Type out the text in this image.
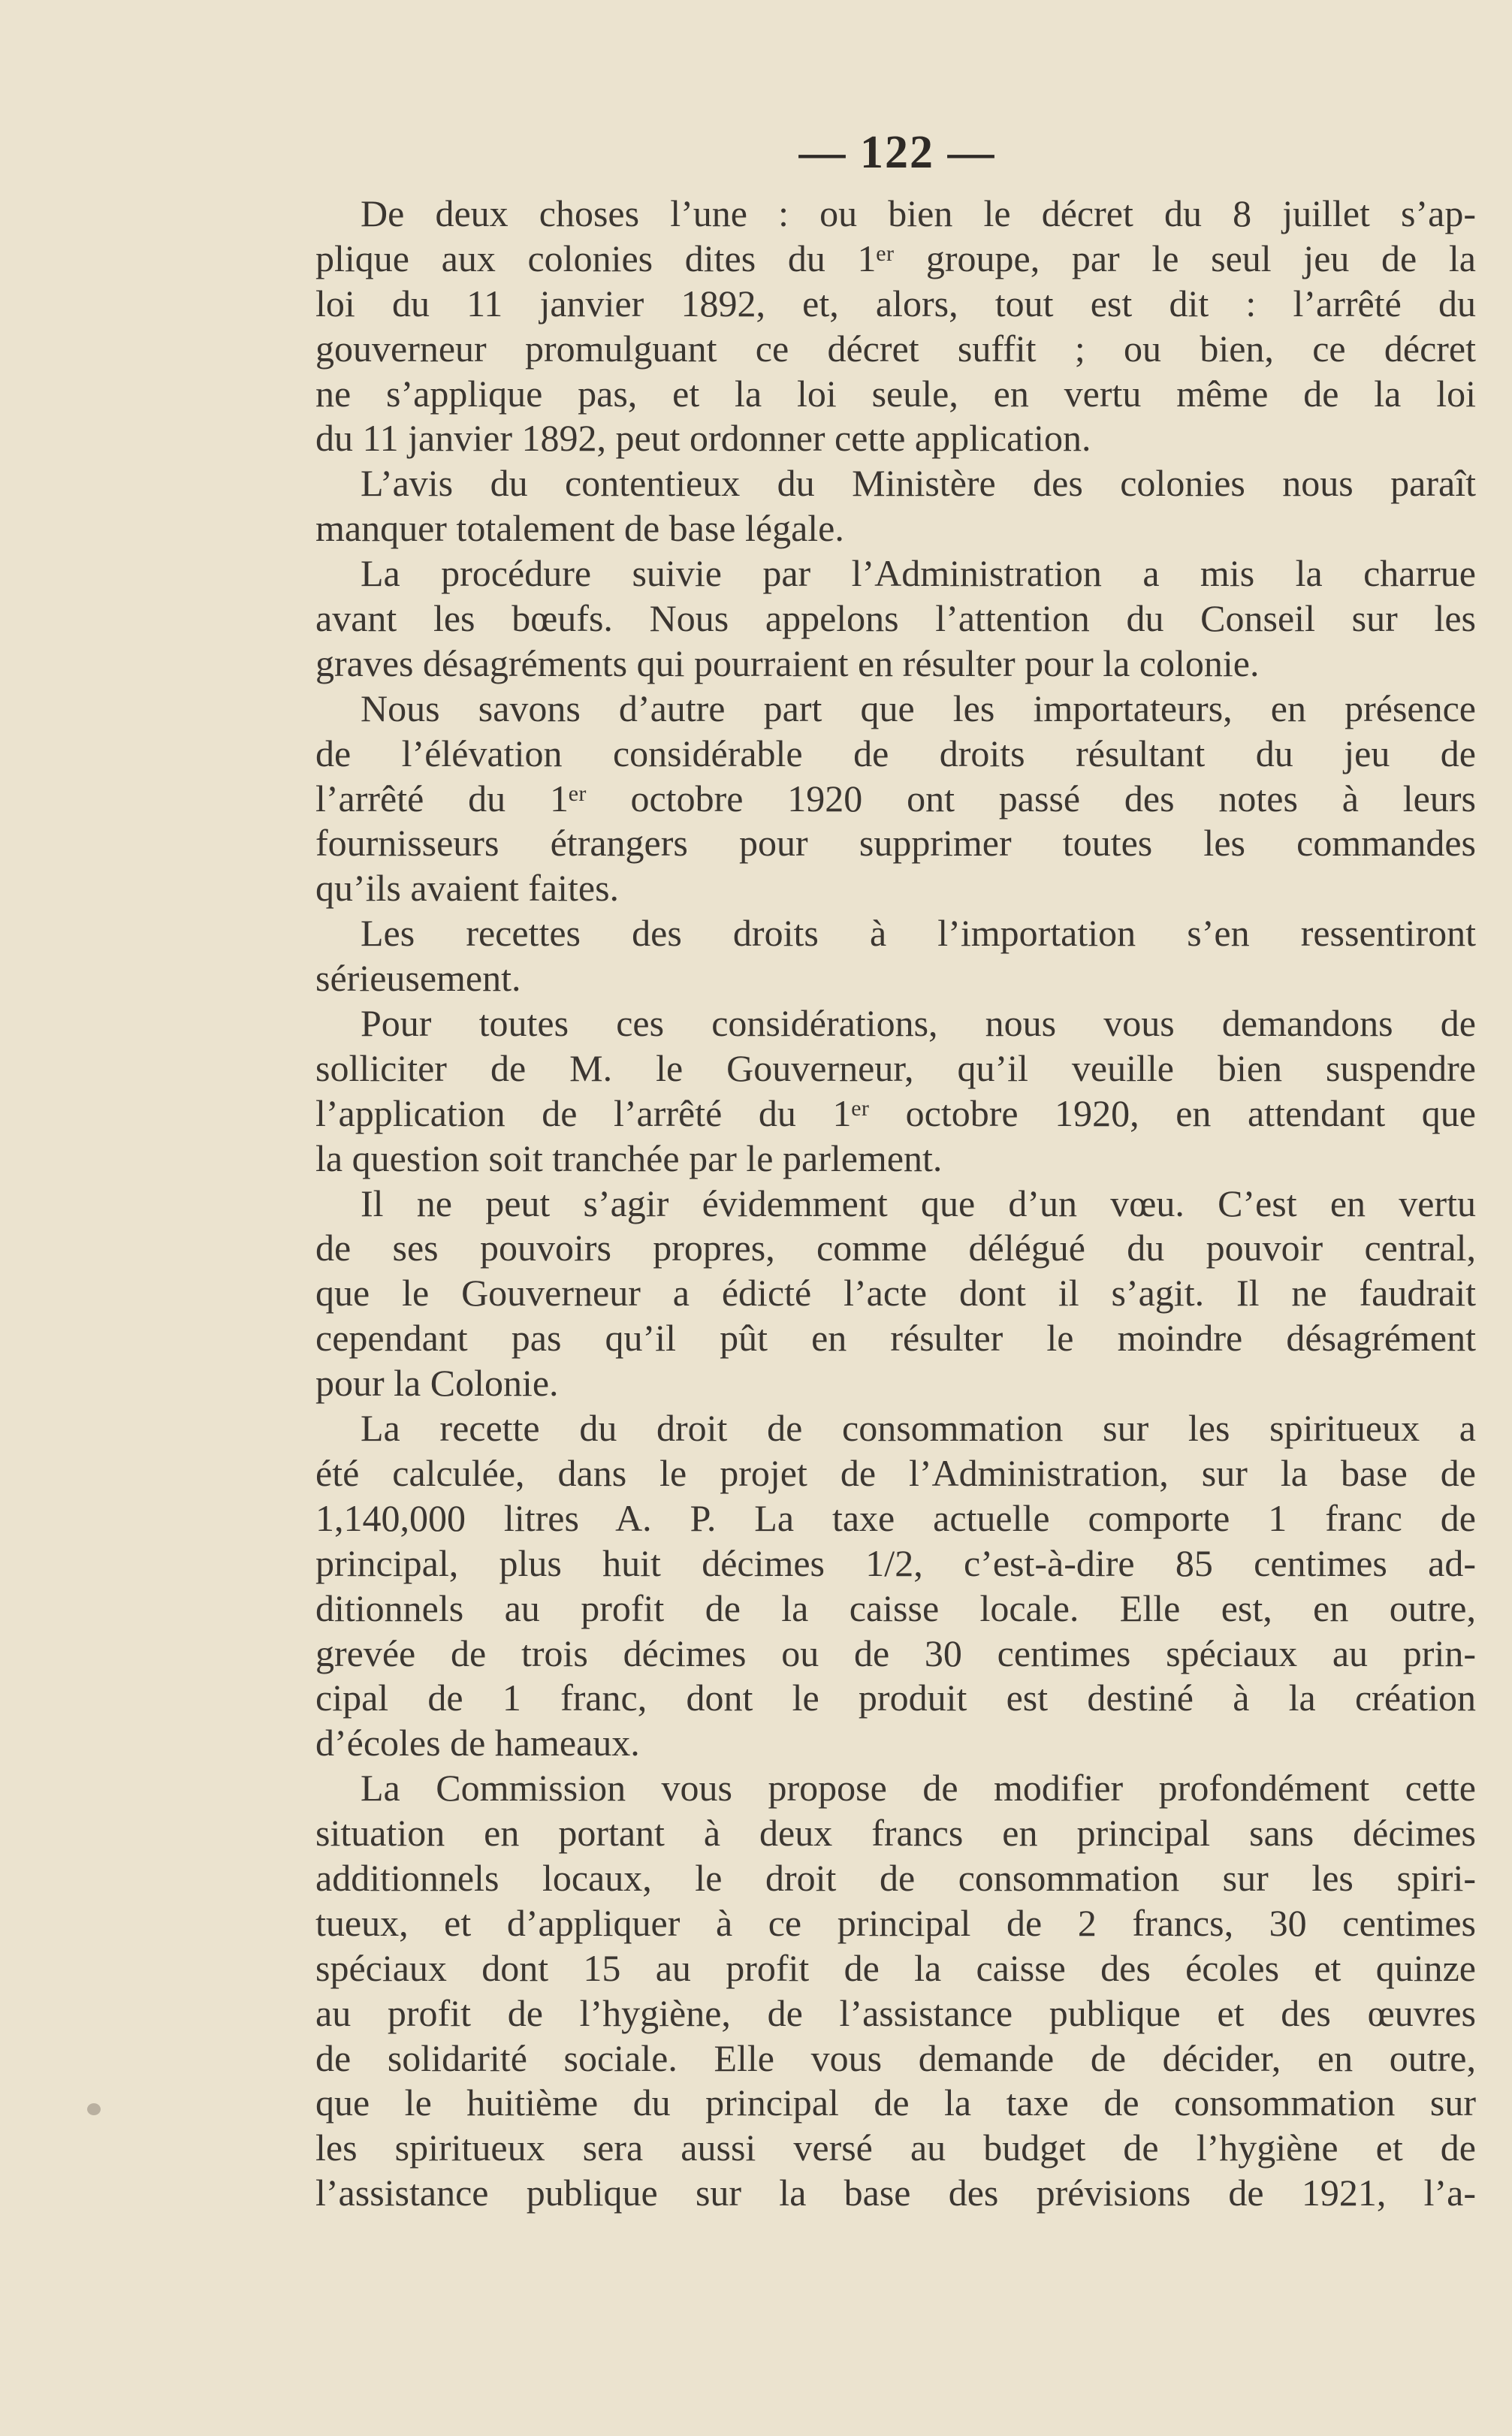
— 122 —
De deux choses l’une : ou bien le décret du 8 juillet s’ap-
plique aux colonies dites du 1ᵉʳ groupe, par le seul jeu de la
loi du 11 janvier 1892, et, alors, tout est dit : l’arrêté du
gouverneur promulguant ce décret suffit ; ou bien, ce décret
ne s’applique pas, et la loi seule, en vertu même de la loi
du 11 janvier 1892, peut ordonner cette application.
L’avis du contentieux du Ministère des colonies nous paraît
manquer totalement de base légale.
La procédure suivie par l’Administration a mis la charrue
avant les bœufs. Nous appelons l’attention du Conseil sur les
graves désagréments qui pourraient en résulter pour la colonie.
Nous savons d’autre part que les importateurs, en présence
de l’élévation considérable de droits résultant du jeu de
l’arrêté du 1ᵉʳ octobre 1920 ont passé des notes à leurs
fournisseurs étrangers pour supprimer toutes les commandes
qu’ils avaient faites.
Les recettes des droits à l’importation s’en ressentiront
sérieusement.
Pour toutes ces considérations, nous vous demandons de
solliciter de M. le Gouverneur, qu’il veuille bien suspendre
l’application de l’arrêté du 1ᵉʳ octobre 1920, en attendant que
la question soit tranchée par le parlement.
Il ne peut s’agir évidemment que d’un vœu. C’est en vertu
de ses pouvoirs propres, comme délégué du pouvoir central,
que le Gouverneur a édicté l’acte dont il s’agit. Il ne faudrait
cependant pas qu’il pût en résulter le moindre désagrément
pour la Colonie.
La recette du droit de consommation sur les spiritueux a
été calculée, dans le projet de l’Administration, sur la base de
1,140,000 litres A. P. La taxe actuelle comporte 1 franc de
principal, plus huit décimes 1/2, c’est-à-dire 85 centimes ad-
ditionnels au profit de la caisse locale. Elle est, en outre,
grevée de trois décimes ou de 30 centimes spéciaux au prin-
cipal de 1 franc, dont le produit est destiné à la création
d’écoles de hameaux.
La Commission vous propose de modifier profondément cette
situation en portant à deux francs en principal sans décimes
additionnels locaux, le droit de consommation sur les spiri-
tueux, et d’appliquer à ce principal de 2 francs, 30 centimes
spéciaux dont 15 au profit de la caisse des écoles et quinze
au profit de l’hygiène, de l’assistance publique et des œuvres
de solidarité sociale. Elle vous demande de décider, en outre,
que le huitième du principal de la taxe de consommation sur
les spiritueux sera aussi versé au budget de l’hygiène et de
l’assistance publique sur la base des prévisions de 1921, l’a-
